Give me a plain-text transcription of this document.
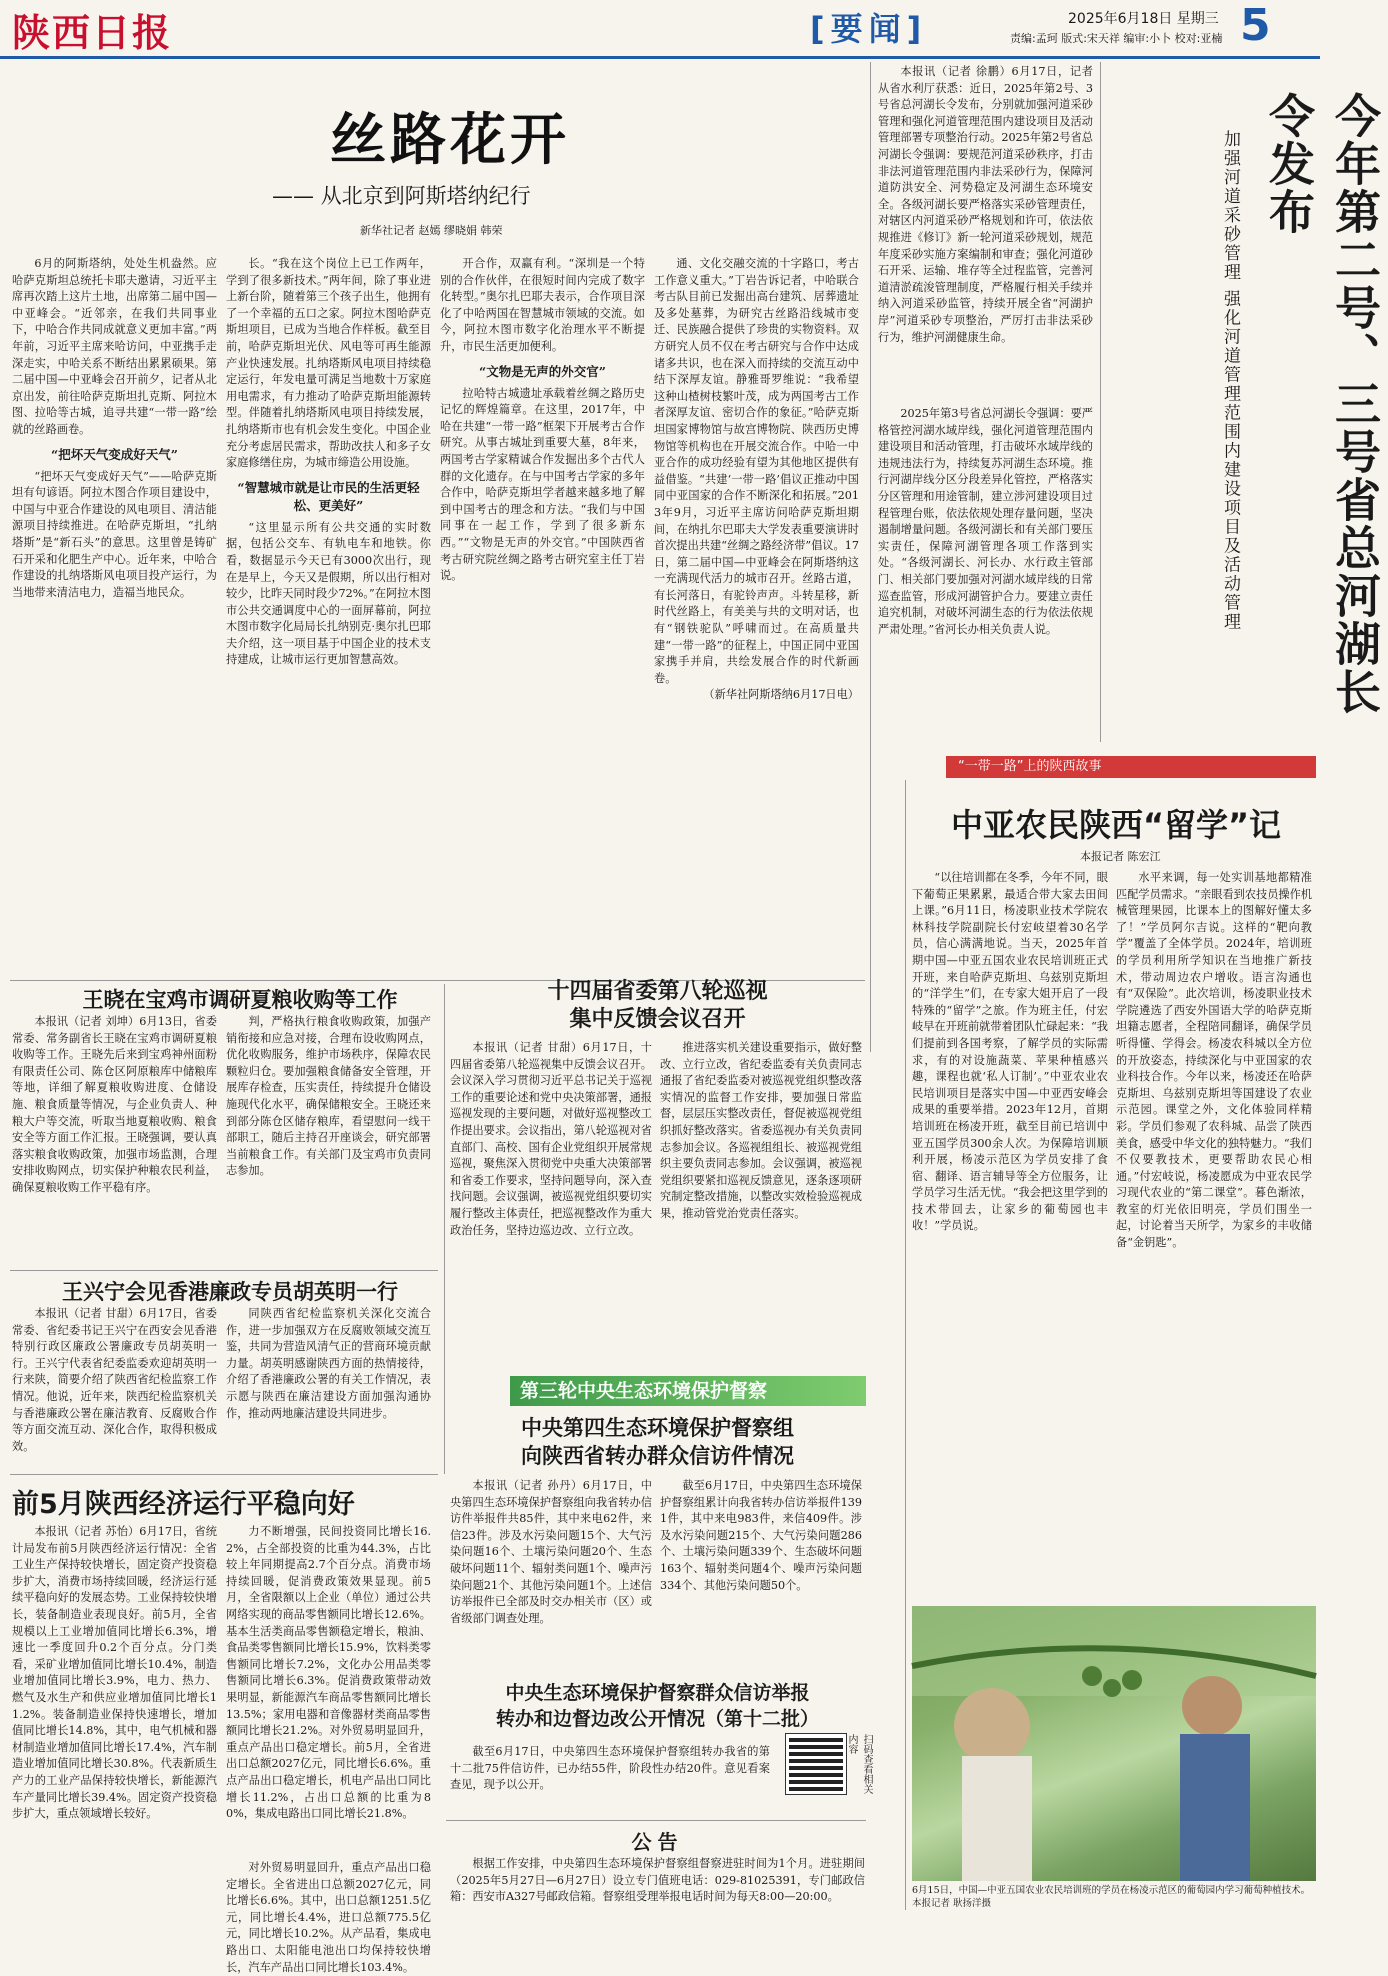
陕西日报	[要闻]	2025年6月18日 星期三
责编:孟珂 版式:宋天祥 编审:小卜 校对:亚楠 5
丝路花开
—— 从北京到阿斯塔纳纪行
新华社记者 赵嫣 缪晓娟 韩荣

6月的阿斯塔纳，处处生机盎然。应哈萨克斯坦总统托卡耶夫邀请，习近平主席再次踏上这片土地，出席第二届中国—中亚峰会。“近邻亲，在我们共同事业下，中哈合作共同成就意义更加丰富。”两年前，习近平主席来哈访问，中亚携手走深走实，中哈关系不断结出累累硕果。第二届中国—中亚峰会召开前夕，记者从北京出发，前往哈萨克斯坦扎克斯、阿拉木图、拉哈等古城，追寻共建“一带一路”绘就的丝路画卷。

“把坏天气变成好天气”

“把坏天气变成好天气”——哈萨克斯坦有句谚语。阿拉木图合作项目建设中，中国与中亚合作建设的风电项目、清洁能源项目持续推进。在哈萨克斯坦，“扎纳塔斯”是“新石头”的意思。这里曾是铸矿石开采和化肥生产中心。近年来，中哈合作建设的扎纳塔斯风电项目投产运行，为当地带来清洁电力，造福当地民众。

长。“我在这个岗位上已工作两年，学到了很多新技术。”两年间，除了事业进上新台阶，随着第三个孩子出生，他拥有了一个幸福的五口之家。阿拉木图哈萨克斯坦项目，已成为当地合作样板。截至目前，哈萨克斯坦光伏、风电等可再生能源产业快速发展。扎纳塔斯风电项目持续稳定运行，年发电量可满足当地数十万家庭用电需求，有力推动了哈萨克斯坦能源转型。伴随着扎纳塔斯风电项目持续发展，扎纳塔斯市也有机会发生变化。中国企业充分考虑居民需求，帮助改扶人和多子女家庭修缮住房，为城市缔造公用设施。

“智慧城市就是让市民的生活更轻松、更美好”

“这里显示所有公共交通的实时数据，包括公交车、有轨电车和地铁。你看，数据显示今天已有3000次出行，现在是早上，今天又是假期，所以出行相对较少，比昨天同时段少72%。”在阿拉木图市公共交通调度中心的一面屏幕前，阿拉木图市数字化局局长扎纳别克·奥尔扎巴耶夫介绍，这一项目基于中国企业的技术支持建成，让城市运行更加智慧高效。

开合作，双赢有利。“深圳是一个特别的合作伙伴，在很短时间内完成了数字化转型。”奥尔扎巴耶夫表示，合作项目深化了中哈两国在智慧城市领域的交流。如今，阿拉木图市数字化治理水平不断提升，市民生活更加便利。

“文物是无声的外交官”

拉哈特古城遗址承载着丝绸之路历史记忆的辉煌篇章。在这里，2017年，中哈在共建“一带一路”框架下开展考古合作研究。从事古城址到重要大墓，8年来，两国考古学家精诚合作发掘出多个古代人群的文化遗存。在与中国考古学家的多年合作中，哈萨克斯坦学者越来越多地了解到中国考古的理念和方法。“我们与中国同事在一起工作，学到了很多新东西。”“文物是无声的外交官。”中国陕西省考古研究院丝绸之路考古研究室主任丁岩说。

通、文化交融交流的十字路口，考古工作意义重大。”丁岩告诉记者，中哈联合考古队目前已发掘出高台建筑、居葬遗址及多处墓葬，为研究古丝路沿线城市变迁、民族融合提供了珍贵的实物资料。双方研究人员不仅在考古研究与合作中达成诸多共识，也在深入而持续的交流互动中结下深厚友谊。静雅哥罗维说：“我希望这种山楂树枝繁叶茂，成为两国考古工作者深厚友谊、密切合作的象征。”哈萨克斯坦国家博物馆与故宫博物院、陕西历史博物馆等机构也在开展交流合作。中哈一中亚合作的成功经验有望为其他地区提供有益借鉴。“共建‘一带一路’倡议正推动中国同中亚国家的合作不断深化和拓展。”2013年9月，习近平主席访问哈萨克斯坦期间，在纳扎尔巴耶夫大学发表重要演讲时首次提出共建“丝绸之路经济带”倡议。17日，第二届中国—中亚峰会在阿斯塔纳这一充满现代活力的城市召开。丝路古道，有长河落日，有驼铃声声。斗转星移，新时代丝路上，有美美与共的文明对话，也有“钢铁驼队”呼啸而过。在高质量共建“一带一路”的征程上，中国正同中亚国家携手并肩，共绘发展合作的时代新画卷。

（新华社阿斯塔纳6月17日电）

本报讯（记者 徐鹏）6月17日，记者从省水利厅获悉：近日，2025年第2号、3号省总河湖长令发布，分别就加强河道采砂管理和强化河道管理范围内建设项目及活动管理部署专项整治行动。2025年第2号省总河湖长令强调：要规范河道采砂秩序，打击非法河道管理范围内非法采砂行为，保障河道防洪安全、河势稳定及河湖生态环境安全。各级河湖长要严格落实采砂管理责任，对辖区内河道采砂严格规划和许可，依法依规推进《修订》新一轮河道采砂规划，规范年度采砂实施方案编制和审查；强化河道砂石开采、运输、堆存等全过程监管，完善河道清淤疏浚管理制度，严格履行相关手续并纳入河道采砂监管，持续开展全省“河湖护岸”河道采砂专项整治，严厉打击非法采砂行为，维护河湖健康生命。

2025年第3号省总河湖长令强调：要严格管控河湖水域岸线，强化河道管理范围内建设项目和活动管理，打击破坏水域岸线的违规违法行为，持续复苏河湖生态环境。推行河湖岸线分区分段差异化管控，严格落实分区管理和用途管制，建立涉河建设项目过程管理台账，依法依规处理存量问题，坚决遏制增量问题。各级河湖长和有关部门要压实责任，保障河湖管理各项工作落到实处。“各级河湖长、河长办、水行政主管部门、相关部门要加强对河湖水域岸线的日常巡查监管，形成河湖管护合力。要建立责任追究机制，对破坏河湖生态的行为依法依规严肃处理。”省河长办相关负责人说。	今年第二号、三号省总河湖长令发布
加强河道采砂管理 强化河道管理范围内建设项目及活动管理
“一带一路”上的陕西故事
中亚农民陕西“留学”记
本报记者 陈宏江

“以往培训都在冬季，今年不同，眼下葡萄正果累累，最适合带大家去田间上课。”6月11日，杨凌职业技术学院农林科技学院副院长付宏岐望着30名学员，信心满满地说。当天，2025年首期中国—中亚五国农业农民培训班正式开班，来自哈萨克斯坦、乌兹别克斯坦的“洋学生”们，在专家大姐开启了一段特殊的“留学”之旅。作为班主任，付宏岐早在开班前就带着团队忙碌起来：“我们提前到各国考察，了解学员的实际需求，有的对设施蔬菜、苹果种植感兴趣，课程也就‘私人订制’。”中亚农业农民培训项目是落实中国—中亚西安峰会成果的重要举措。2023年12月，首期培训班在杨凌开班，截至目前已培训中亚五国学员300余人次。为保障培训顺利开展，杨凌示范区为学员安排了食宿、翻译、语言辅导等全方位服务，让学员学习生活无忧。“我会把这里学到的技术带回去，让家乡的葡萄园也丰收！”学员说。

水平来调，每一处实训基地都精准匹配学员需求。“亲眼看到农技员操作机械管理果园，比课本上的图解好懂太多了！”学员阿尔吉说。这样的“靶向教学”覆盖了全体学员。2024年，培训班的学员利用所学知识在当地推广新技术，带动周边农户增收。语言沟通也有“双保险”。此次培训，杨凌职业技术学院遴选了西安外国语大学的哈萨克斯坦籍志愿者，全程陪同翻译，确保学员听得懂、学得会。杨凌农科城以全方位的开放姿态，持续深化与中亚国家的农业科技合作。今年以来，杨凌还在哈萨克斯坦、乌兹别克斯坦等国建设了农业示范园。课堂之外，文化体验同样精彩。学员们参观了农科城、品尝了陕西美食，感受中华文化的独特魅力。“我们不仅要教技术，更要帮助农民心相通。”付宏岐说，杨凌愿成为中亚农民学习现代农业的“第二课堂”。暮色渐浓，教室的灯光依旧明亮，学员们围坐一起，讨论着当天所学，为家乡的丰收储备“金钥匙”。

6月15日，中国—中亚五国农业农民培训班的学员在杨凌示范区的葡萄园内学习葡萄种植技术。本报记者 耿扬洋摄
王晓在宝鸡市调研夏粮收购等工作

本报讯（记者 刘坤）6月13日，省委常委、常务副省长王晓在宝鸡市调研夏粮收购等工作。王晓先后来到宝鸡神州面粉有限责任公司、陈仓区阿原粮库中储粮库等地，详细了解夏粮收购进度、仓储设施、粮食质量等情况，与企业负责人、种粮大户等交流，听取当地夏粮收购、粮食安全等方面工作汇报。王晓强调，要认真落实粮食收购政策，加强市场监测，合理安排收购网点，切实保护种粮农民利益，确保夏粮收购工作平稳有序。

判，严格执行粮食收购政策，加强产销衔接和应急对接，合理布设收购网点，优化收购服务，维护市场秩序，保障农民颗粒归仓。要加强粮食储备安全管理，开展库存检查，压实责任，持续提升仓储设施现代化水平，确保储粮安全。王晓还来到部分陈仓区储存粮库，看望慰问一线干部职工，随后主持召开座谈会，研究部署当前粮食工作。有关部门及宝鸡市负责同志参加。

王兴宁会见香港廉政专员胡英明一行

本报讯（记者 甘甜）6月17日，省委常委、省纪委书记王兴宁在西安会见香港特别行政区廉政公署廉政专员胡英明一行。王兴宁代表省纪委监委欢迎胡英明一行来陕，简要介绍了陕西省纪检监察工作情况。他说，近年来，陕西纪检监察机关与香港廉政公署在廉洁教育、反腐败合作等方面交流互动、深化合作，取得积极成效。

同陕西省纪检监察机关深化交流合作，进一步加强双方在反腐败领域交流互鉴，共同为营造风清气正的营商环境贡献力量。胡英明感谢陕西方面的热情接待，介绍了香港廉政公署的有关工作情况，表示愿与陕西在廉洁建设方面加强沟通协作，推动两地廉洁建设共同进步。

十四届省委第八轮巡视
集中反馈会议召开

本报讯（记者 甘甜）6月17日，十四届省委第八轮巡视集中反馈会议召开。会议深入学习贯彻习近平总书记关于巡视工作的重要论述和党中央决策部署，通报巡视发现的主要问题，对做好巡视整改工作提出要求。会议指出，第八轮巡视对省直部门、高校、国有企业党组织开展常规巡视，聚焦深入贯彻党中央重大决策部署和省委工作要求，坚持问题导向，深入查找问题。会议强调，被巡视党组织要切实履行整改主体责任，把巡视整改作为重大政治任务，坚持边巡边改、立行立改。

推进落实机关建设重要指示，做好整改、立行立改，省纪委监委有关负责同志通报了省纪委监委对被巡视党组织整改落实情况的监督工作安排，要加强日常监督，层层压实整改责任，督促被巡视党组织抓好整改落实。省委巡视办有关负责同志参加会议。各巡视组组长、被巡视党组织主要负责同志参加。会议强调，被巡视党组织要紧扣巡视反馈意见，逐条逐项研究制定整改措施，以整改实效检验巡视成果，推动管党治党责任落实。

第三轮中央生态环境保护督察
中央第四生态环境保护督察组
向陕西省转办群众信访件情况

本报讯（记者 孙丹）6月17日，中央第四生态环境保护督察组向我省转办信访件举报件共85件，其中来电62件，来信23件。涉及水污染问题15个、大气污染问题16个、土壤污染问题20个、生态破坏问题11个、辐射类问题1个、噪声污染问题21个、其他污染问题1个。上述信访举报件已全部及时交办相关市（区）或省级部门调查处理。

截至6月17日，中央第四生态环境保护督察组累计向我省转办信访举报件1391件，其中来电983件，来信409件。涉及水污染问题215个、大气污染问题286个、土壤污染问题339个、生态破坏问题163个、辐射类问题4个、噪声污染问题334个、其他污染问题50个。

中央生态环境保护督察群众信访举报
转办和边督边改公开情况（第十二批）

截至6月17日，中央第四生态环境保护督察组转办我省的第十二批75件信访件，已办结55件，阶段性办结20件。意见看案查见，现予以公开。	扫码查看相关内容
公告

根据工作安排，中央第四生态环境保护督察组督察进驻时间为1个月。进驻期间（2025年5月27日—6月27日）设立专门值班电话：029-81025391，专门邮政信箱：西安市A327号邮政信箱。督察组受理举报电话时间为每天8:00—20:00。

前5月陕西经济运行平稳向好

本报讯（记者 苏怡）6月17日，省统计局发布前5月陕西经济运行情况：全省工业生产保持较快增长，固定资产投资稳步扩大，消费市场持续回暖，经济运行延续平稳向好的发展态势。工业保持较快增长，装备制造业表现良好。前5月，全省规模以上工业增加值同比增长6.3%，增速比一季度回升0.2个百分点。分门类看，采矿业增加值同比增长10.4%，制造业增加值同比增长3.9%，电力、热力、燃气及水生产和供应业增加值同比增长11.2%。装备制造业保持快速增长，增加值同比增长14.8%，其中，电气机械和器材制造业增加值同比增长17.4%，汽车制造业增加值同比增长30.8%。代表新质生产力的工业产品保持较快增长，新能源汽车产量同比增长39.4%。固定资产投资稳步扩大，重点领域增长较好。

力不断增强，民间投资同比增长16.2%，占全部投资的比重为44.3%，占比较上年同期提高2.7个百分点。消费市场持续回暖，促消费政策效果显现。前5月，全省限额以上企业（单位）通过公共网络实现的商品零售额同比增长12.6%。基本生活类商品零售额稳定增长，粮油、食品类零售额同比增长15.9%，饮料类零售额同比增长7.2%，文化办公用品类零售额同比增长6.3%。促消费政策带动效果明显，新能源汽车商品零售额同比增长13.5%；家用电器和音像器材类商品零售额同比增长21.2%。对外贸易明显回升，重点产品出口稳定增长。前5月，全省进出口总额2027亿元，同比增长6.6%。重点产品出口稳定增长，机电产品出口同比增长11.2%，占出口总额的比重为80%，集成电路出口同比增长21.8%。

对外贸易明显回升，重点产品出口稳定增长。全省进出口总额2027亿元，同比增长6.6%。其中，出口总额1251.5亿元，同比增长4.4%，进口总额775.5亿元，同比增长10.2%。从产品看，集成电路出口、太阳能电池出口均保持较快增长，汽车产品出口同比增长103.4%。
